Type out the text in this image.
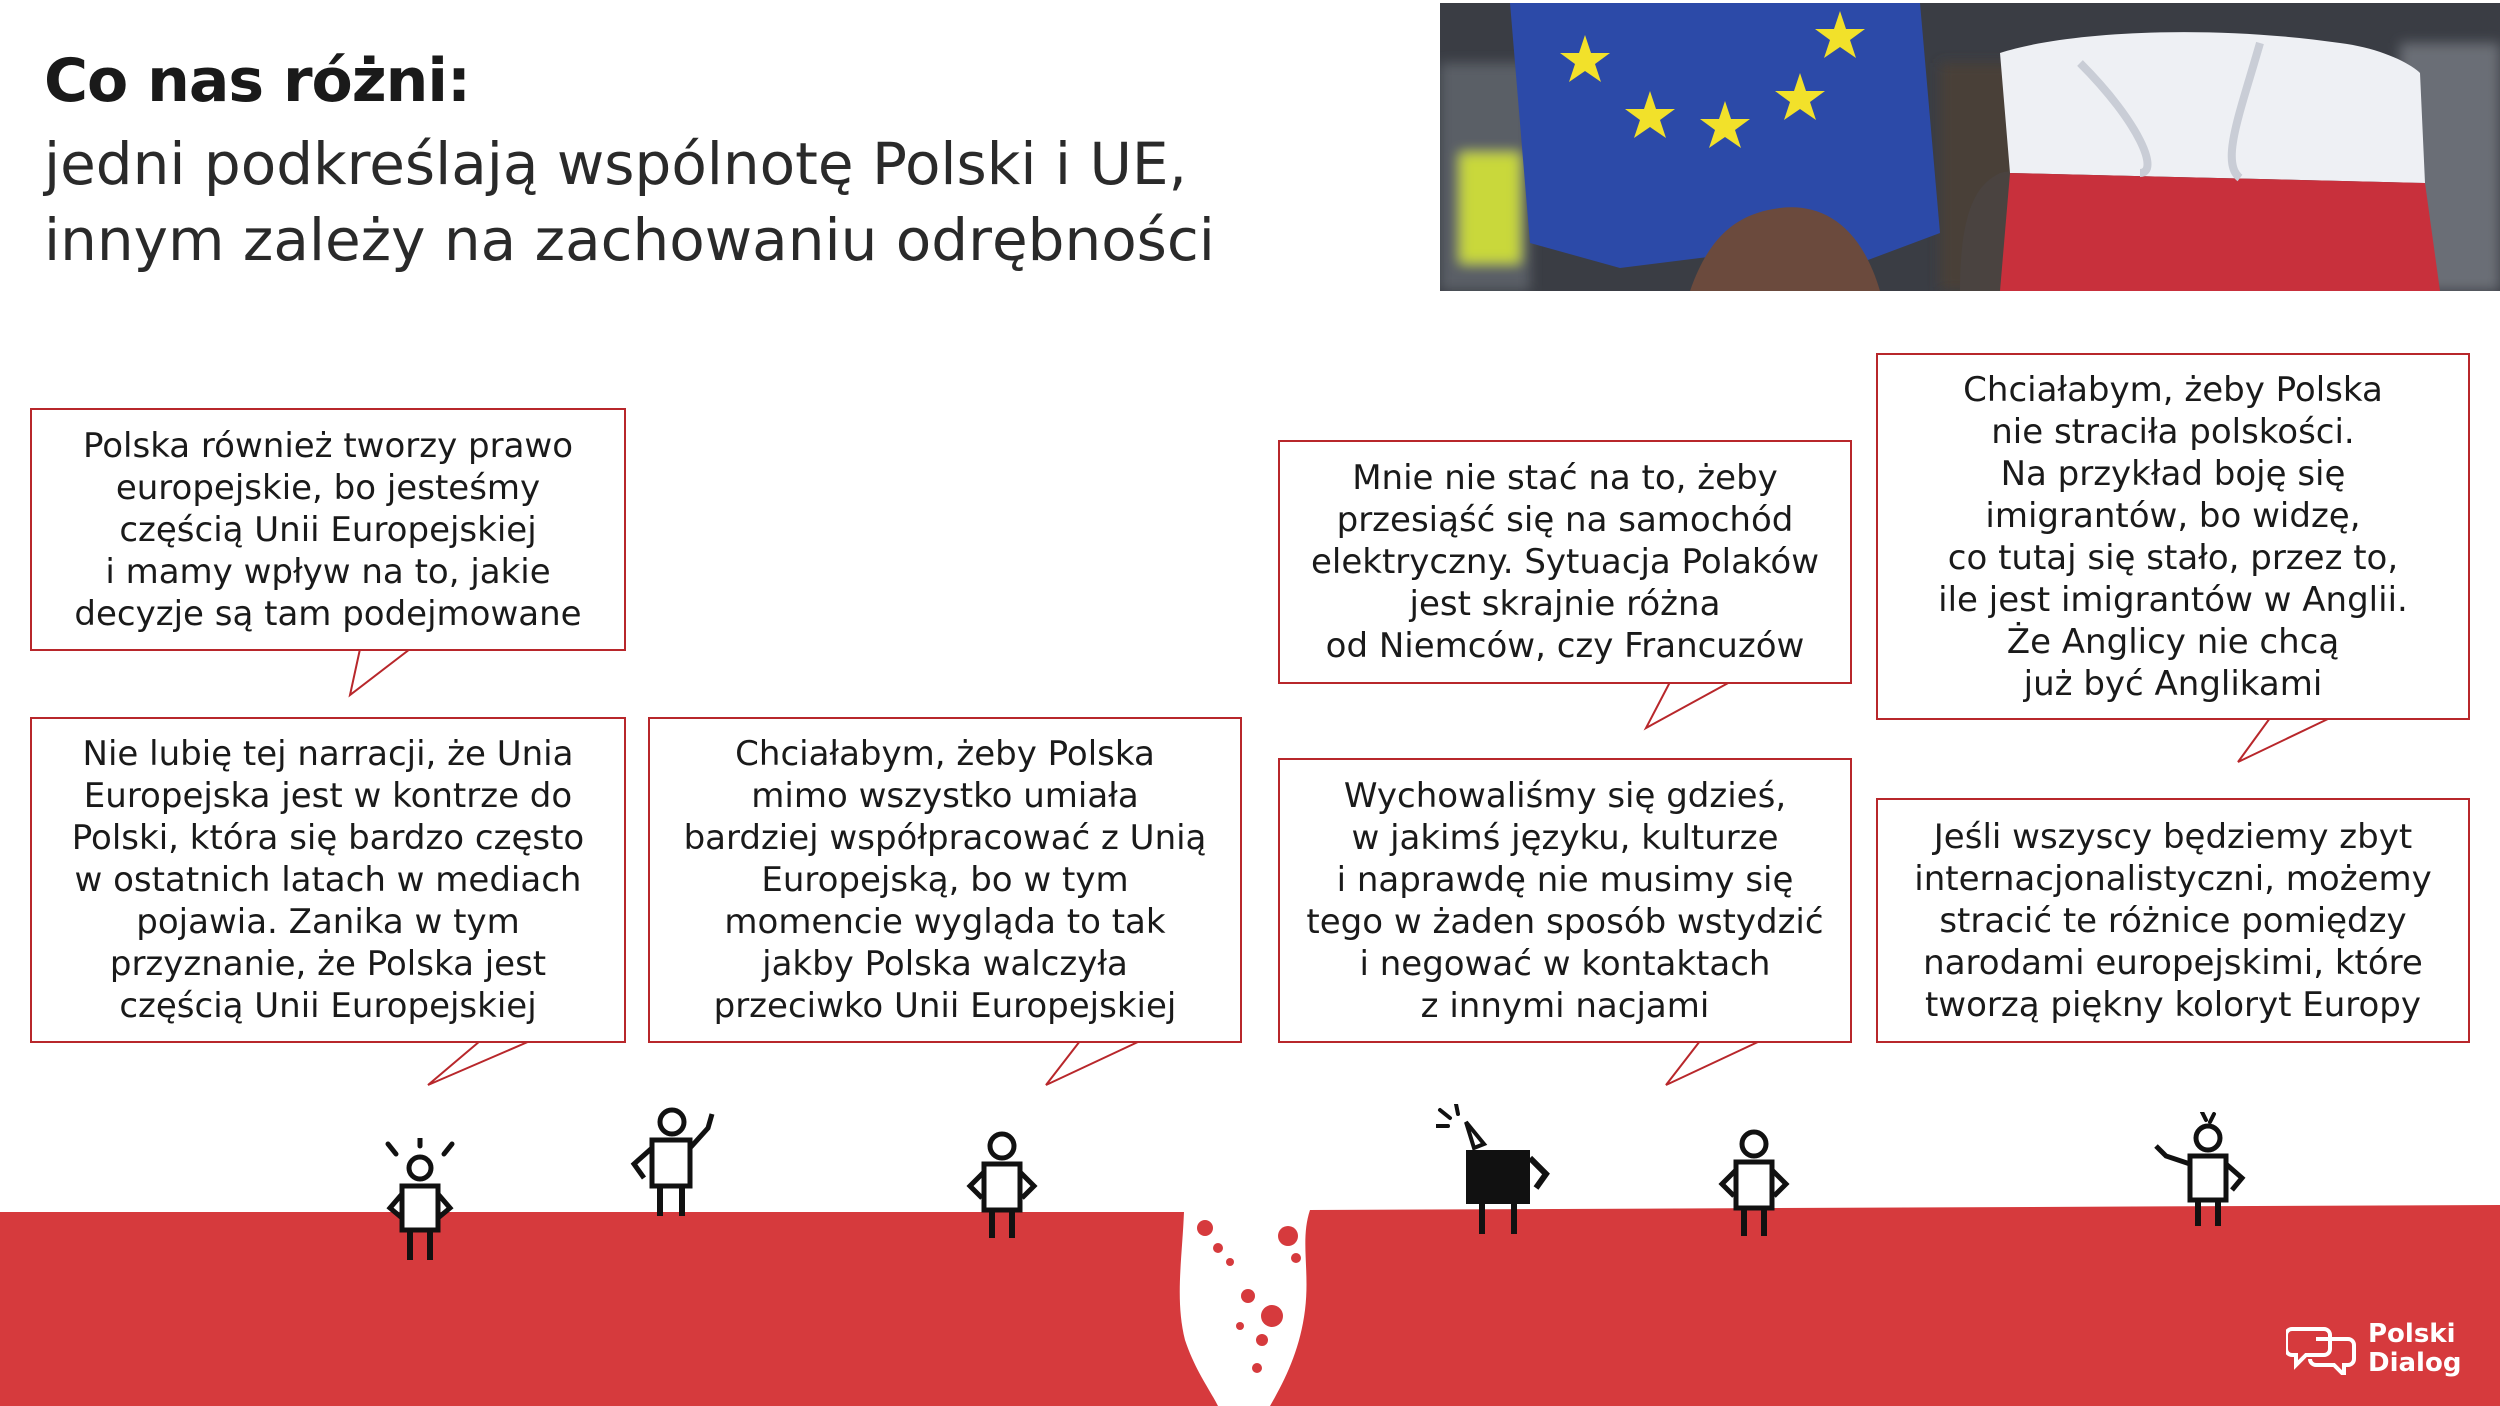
Co nas różni:

jedni podkreślają wspólnotę Polski i UE,
innym zależy na zachowaniu odrębności

Polska również tworzy prawo
europejskie, bo jesteśmy
częścią Unii Europejskiej
i mamy wpływ na to, jakie
decyzje są tam podejmowane
Nie lubię tej narracji, że Unia
Europejska jest w kontrze do
Polski, która się bardzo często
w ostatnich latach w mediach
pojawia. Zanika w tym
przyznanie, że Polska jest
częścią Unii Europejskiej
Chciałabym, żeby Polska
mimo wszystko umiała
bardziej współpracować z Unią
Europejską, bo w tym
momencie wygląda to tak
jakby Polska walczyła
przeciwko Unii Europejskiej
Mnie nie stać na to, żeby
przesiąść się na samochód
elektryczny. Sytuacja Polaków
jest skrajnie różna
od Niemców, czy Francuzów
Wychowaliśmy się gdzieś,
w jakimś języku, kulturze
i naprawdę nie musimy się
tego w żaden sposób wstydzić
i negować w kontaktach
z innymi nacjami
Chciałabym, żeby Polska
nie straciła polskości.
Na przykład boję się
imigrantów, bo widzę,
co tutaj się stało, przez to,
ile jest imigrantów w Anglii.
Że Anglicy nie chcą
już być Anglikami
Jeśli wszyscy będziemy zbyt
internacjonalistyczni, możemy
stracić te różnice pomiędzy
narodami europejskimi, które
tworzą piękny koloryt Europy
Polski
Dialog
